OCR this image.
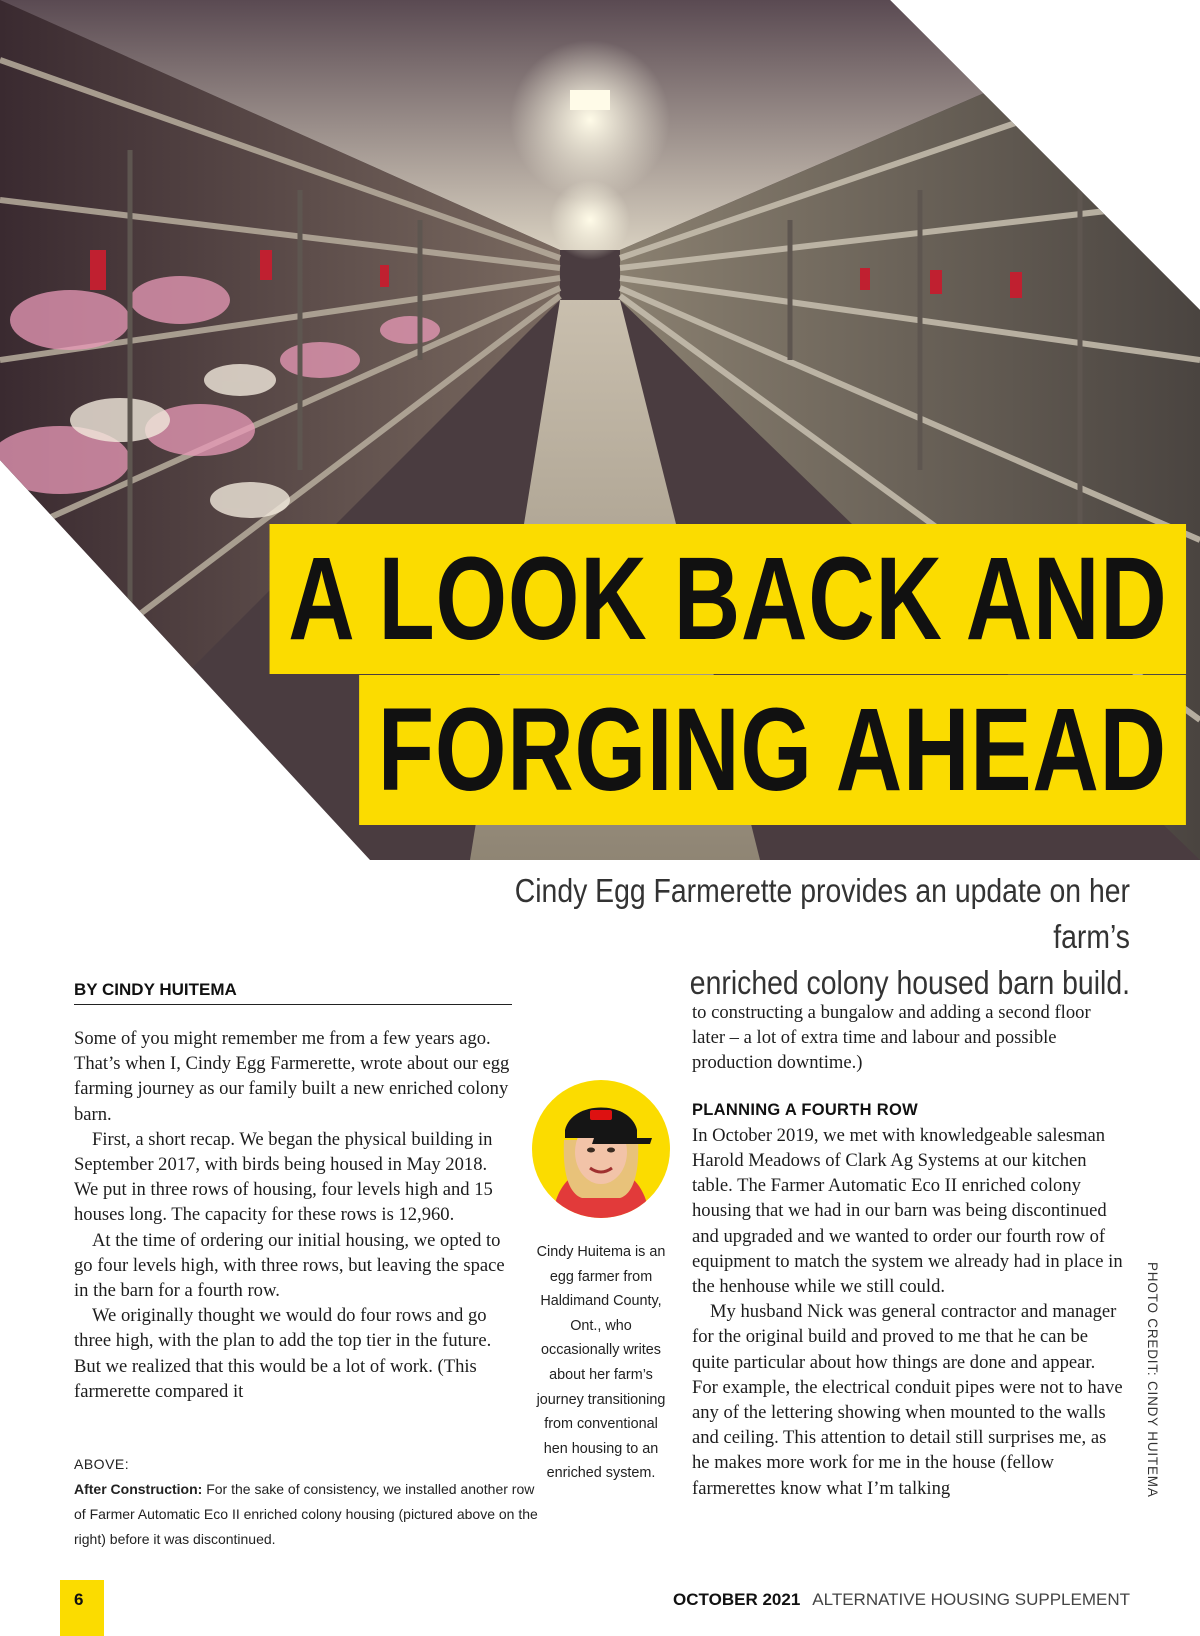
A LOOK BACK AND
FORGING AHEAD
Cindy Egg Farmerette provides an update on her farm’s
enriched colony housed barn build.
BY CINDY HUITEMA

Some of you might remember me from a few years ago. That’s when I, Cindy Egg Farmerette, wrote about our egg farming journey as our family built a new enriched colony barn.

First, a short recap. We began the physical building in September 2017, with birds being housed in May 2018. We put in three rows of housing, four levels high and 15 houses long. The capacity for these rows is 12,960.

At the time of ordering our initial housing, we opted to go four levels high, with three rows, but leaving the space in the barn for a fourth row.

We originally thought we would do four rows and go three high, with the plan to add the top tier in the future. But we realized that this would be a lot of work. (This farmerette compared it

ABOVE:
After Construction: For the sake of consistency, we installed another row of Farmer Automatic Eco II enriched colony housing (pictured above on the right) before it was discontinued.
Cindy Huitema is an egg farmer from Haldimand County, Ont., who occasionally writes about her farm’s journey transitioning from conventional hen housing to an enriched system.

to constructing a bungalow and adding a second floor later – a lot of extra time and labour and possible production downtime.)

PLANNING A FOURTH ROW

In October 2019, we met with knowledgeable salesman Harold Meadows of Clark Ag Systems at our kitchen table. The Farmer Automatic Eco II enriched colony housing that we had in our barn was being discontinued and upgraded and we wanted to order our fourth row of equipment to match the system we already had in place in the henhouse while we still could.

My husband Nick was general contractor and manager for the original build and proved to me that he can be quite particular about how things are done and appear. For example, the electrical conduit pipes were not to have any of the lettering showing when mounted to the walls and ceiling. This attention to detail still surprises me, as he makes more work for me in the house (fellow farmerettes know what I’m talking	PHOTO CREDIT: CINDY HUITEMA
6	OCTOBER 2021 ALTERNATIVE HOUSING SUPPLEMENT
